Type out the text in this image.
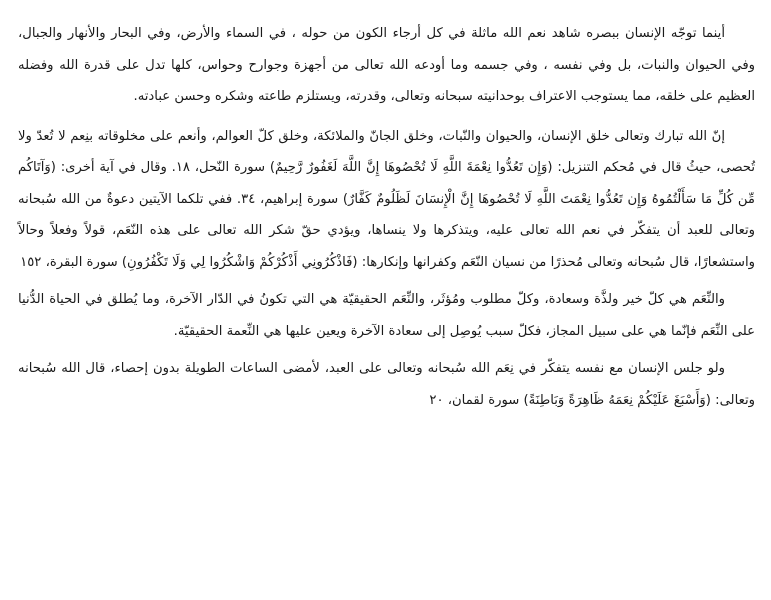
أينما توجّه الإنسان ببصره شاهد نعم الله ماثلة في كل أرجاء الكون من حوله ، في السماء والأرض، وفي البحار والأنهار والجبال، وفي الحيوان والنبات، بل وفي نفسه ، وفي جسمه وما أودعه الله تعالى من أجهزة وجوارح وحواس، كلها تدل على قدرة الله وفضله العظيم على خلقه، مما يستوجب الاعتراف بوحدانيته سبحانه وتعالى، وقدرته، ويستلزم طاعته وشكره وحسن عبادته.

إنّ الله تبارك وتعالى خلق الإنسان، والحيوان والنّبات، وخلق الجانّ والملائكة، وخلق كلّ العوالم، وأنعم على مخلوقاته بنِعم لا تُعدّ ولا تُحصى، حيثُ قال في مُحكم التنزيل: (وَإِن تَعُدُّوا نِعْمَةَ اللَّهِ لَا تُحْصُوهَا إِنَّ اللَّهَ لَغَفُورٌ رَّحِيمٌ) سورة النّحل، ١٨. وقال في آية أخرى: (وَآتَاكُم مِّن كُلِّ مَا سَأَلْتُمُوهُ وَإِن تَعُدُّوا نِعْمَتَ اللَّهِ لَا تُحْصُوهَا إِنَّ الْإِنسَانَ لَظَلُومٌ كَفَّارٌ) سورة إبراهيم، ٣٤. ففي تلكما الآيتين دعوةٌ من الله سُبحانه وتعالى للعبد أن يتفكّر في نعم الله تعالى عليه، ويتذكرها ولا ينساها، ويؤدي حقّ شكر الله تعالى على هذه النّعَم، قولاً وفعلاً وحالاً واستشعارًا، قال سُبحانه وتعالى مُحذرًا من نسيان النّعَم وكفرانها وإنكارها: (فَاذْكُرُونِي أَذْكُرْكُمْ وَاشْكُرُوا لِي وَلَا تَكْفُرُونِ) سورة البقرة، ١٥٢

والنِّعَم هي كلّ خير ولذَّة وسعادة، وكلّ مطلوب ومُؤثَر، والنِّعَم الحقيقيّة هي التي تكونُ في الدّار الآخرة، وما يُطلق في الحياة الدُّنيا على النِّعَم فإنّما هي على سبيل المجاز، فكلّ سبب يُوصِل إلى سعادة الآخرة ويعين عليها هي النِّعمة الحقيقيّة.

ولو جلس الإنسان مع نفسه يتفكّر في نِعَم الله سُبحانه وتعالى على العبد، لأمضى الساعات الطويلة بدون إحصاء، قال الله سُبحانه وتعالى: (وَأَسْبَغَ عَلَيْكُمْ نِعَمَهُ ظَاهِرَةً وَبَاطِنَةً) سورة لقمان، ٢٠
